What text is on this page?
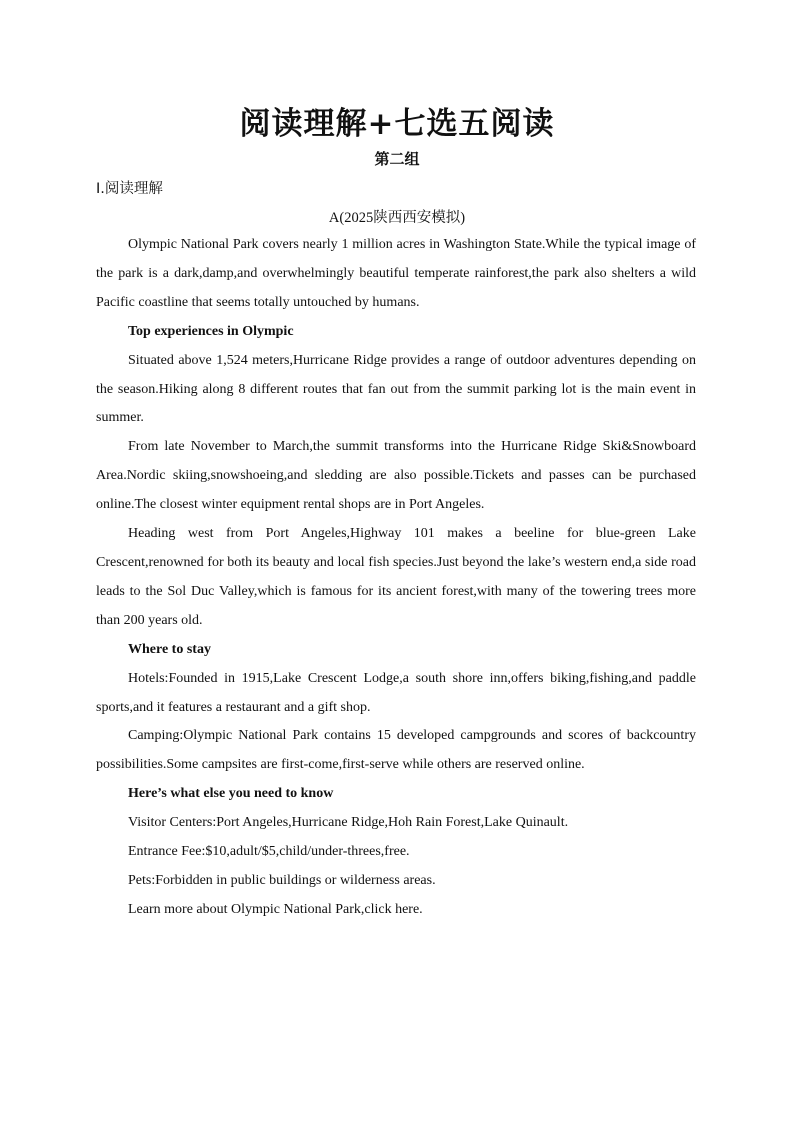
阅读理解+七选五阅读
第二组
Ⅰ.阅读理解
A(2025陕西西安模拟)

Olympic National Park covers nearly 1 million acres in Washington State.While the typical image of the park is a dark,damp,and overwhelmingly beautiful temperate rainforest,the park also shelters a wild Pacific coastline that seems totally untouched by humans.

Top experiences in Olympic

Situated above 1,524 meters,Hurricane Ridge provides a range of outdoor adventures depending on the season.Hiking along 8 different routes that fan out from the summit parking lot is the main event in summer.

From late November to March,the summit transforms into the Hurricane Ridge Ski&Snowboard Area.Nordic skiing,snowshoeing,and sledding are also possible.Tickets and passes can be purchased online.The closest winter equipment rental shops are in Port Angeles.

Heading west from Port Angeles,Highway 101 makes a beeline for blue-green Lake Crescent,renowned for both its beauty and local fish species.Just beyond the lake’s western end,a side road leads to the Sol Duc Valley,which is famous for its ancient forest,with many of the towering trees more than 200 years old.

Where to stay

Hotels:Founded in 1915,Lake Crescent Lodge,a south shore inn,offers biking,fishing,and paddle sports,and it features a restaurant and a gift shop.

Camping:Olympic National Park contains 15 developed campgrounds and scores of backcountry possibilities.Some campsites are first-come,first-serve while others are reserved online.

Here’s what else you need to know

Visitor Centers:Port Angeles,Hurricane Ridge,Hoh Rain Forest,Lake Quinault.

Entrance Fee:$10,adult/$5,child/under-threes,free.

Pets:Forbidden in public buildings or wilderness areas.

Learn more about Olympic National Park,click here.
